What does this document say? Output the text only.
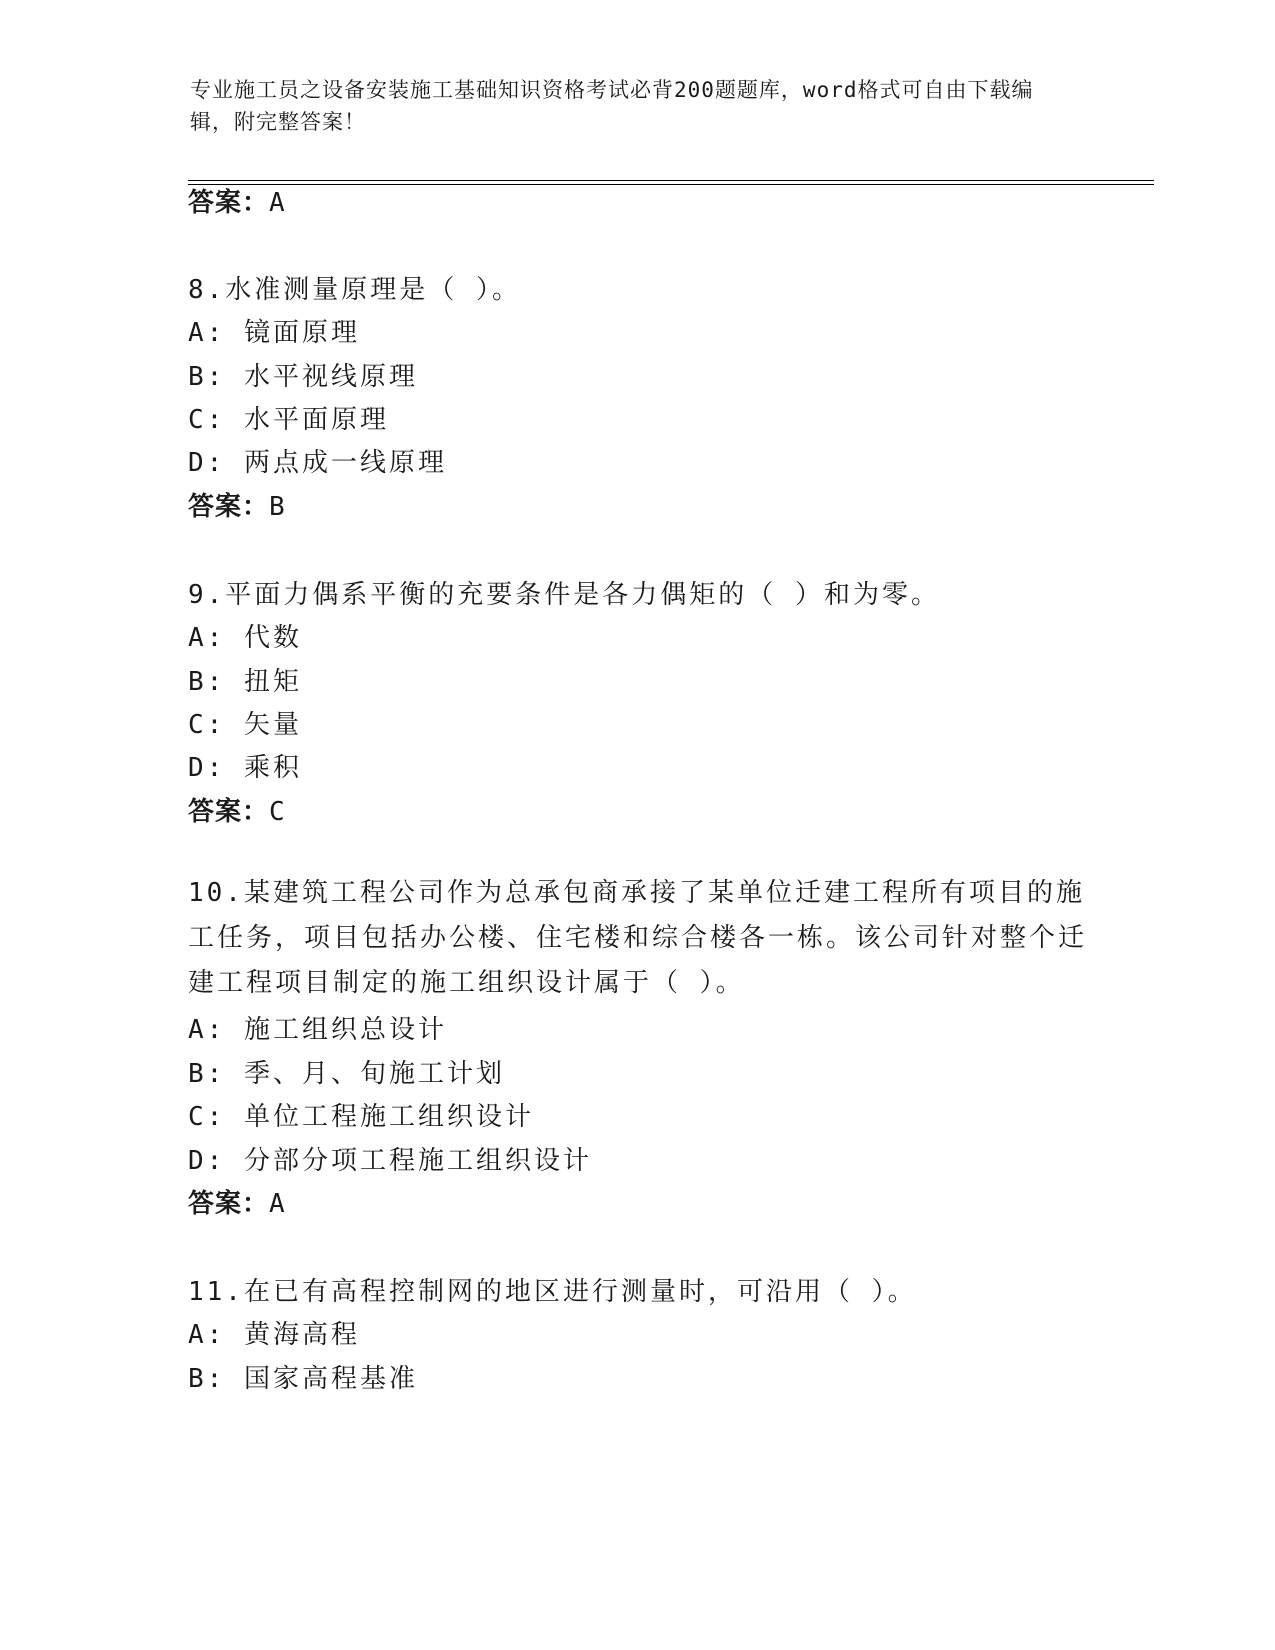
专业施工员之设备安装施工基础知识资格考试必背200题题库，word格式可自由下载编辑，附完整答案！
答案：A
8.水准测量原理是（ ）。
A: 镜面原理
B: 水平视线原理
C: 水平面原理
D: 两点成一线原理
答案：B
9.平面力偶系平衡的充要条件是各力偶矩的（ ）和为零。
A: 代数
B: 扭矩
C: 矢量
D: 乘积
答案：C
10.某建筑工程公司作为总承包商承接了某单位迁建工程所有项目的施工任务，项目包括办公楼、住宅楼和综合楼各一栋。该公司针对整个迁建工程项目制定的施工组织设计属于（ ）。
A: 施工组织总设计
B: 季、月、旬施工计划
C: 单位工程施工组织设计
D: 分部分项工程施工组织设计
答案：A
11.在已有高程控制网的地区进行测量时，可沿用（ ）。
A: 黄海高程
B: 国家高程基准
